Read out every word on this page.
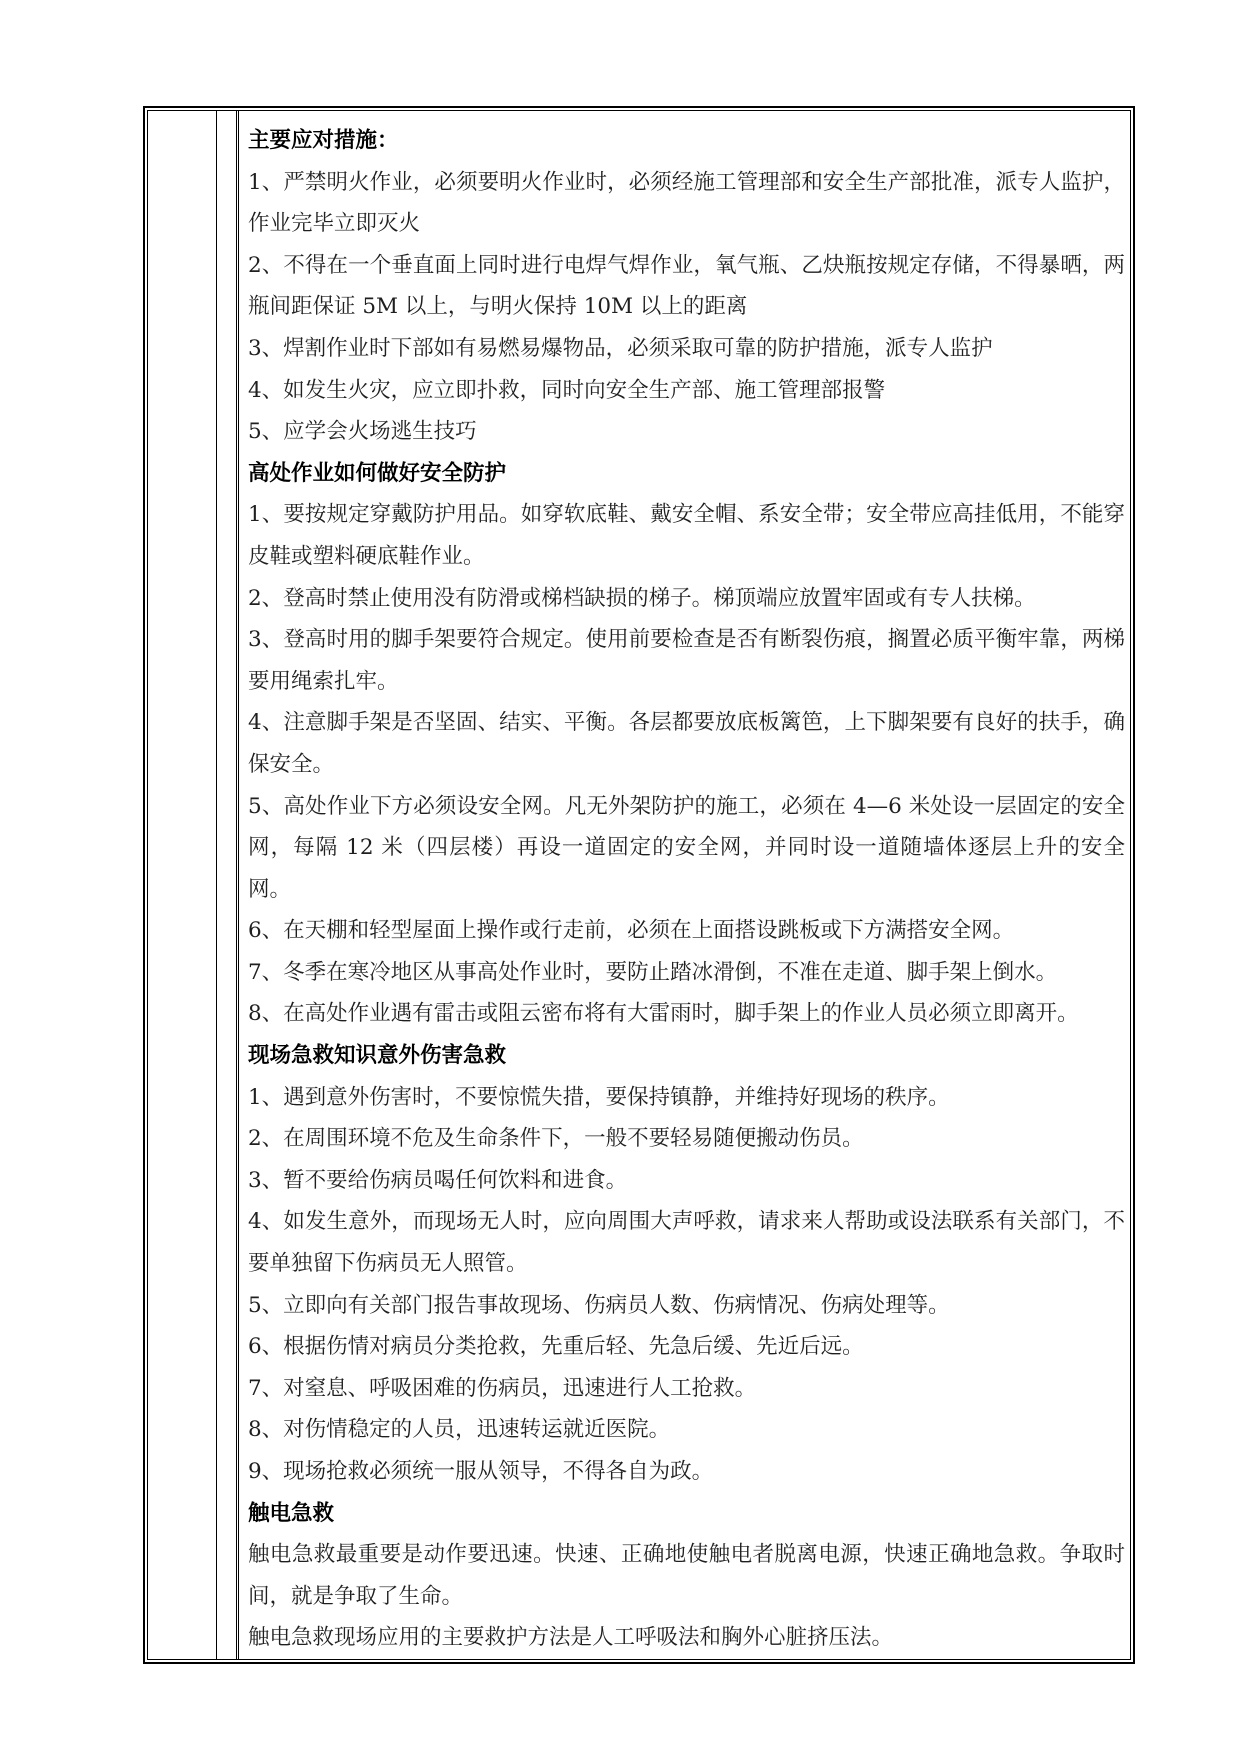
主要应对措施：

1、严禁明火作业，必须要明火作业时，必须经施工管理部和安全生产部批准，派专人监护，作业完毕立即灭火

2、不得在一个垂直面上同时进行电焊气焊作业，氧气瓶、乙炔瓶按规定存储，不得暴晒，两瓶间距保证 5M 以上，与明火保持 10M 以上的距离

3、焊割作业时下部如有易燃易爆物品，必须采取可靠的防护措施，派专人监护

4、如发生火灾，应立即扑救，同时向安全生产部、施工管理部报警

5、应学会火场逃生技巧

高处作业如何做好安全防护

1、要按规定穿戴防护用品。如穿软底鞋、戴安全帽、系安全带；安全带应高挂低用，不能穿皮鞋或塑料硬底鞋作业。

2、登高时禁止使用没有防滑或梯档缺损的梯子。梯顶端应放置牢固或有专人扶梯。

3、登高时用的脚手架要符合规定。使用前要检查是否有断裂伤痕，搁置必质平衡牢靠，两梯要用绳索扎牢。

4、注意脚手架是否坚固、结实、平衡。各层都要放底板篱笆，上下脚架要有良好的扶手，确保安全。

5、高处作业下方必须设安全网。凡无外架防护的施工，必须在 4—6 米处设一层固定的安全网，每隔 12 米（四层楼）再设一道固定的安全网，并同时设一道随墙体逐层上升的安全网。

6、在天棚和轻型屋面上操作或行走前，必须在上面搭设跳板或下方满搭安全网。

7、冬季在寒冷地区从事高处作业时，要防止踏冰滑倒，不准在走道、脚手架上倒水。

8、在高处作业遇有雷击或阻云密布将有大雷雨时，脚手架上的作业人员必须立即离开。

现场急救知识意外伤害急救

1、遇到意外伤害时，不要惊慌失措，要保持镇静，并维持好现场的秩序。

2、在周围环境不危及生命条件下，一般不要轻易随便搬动伤员。

3、暂不要给伤病员喝任何饮料和进食。

4、如发生意外，而现场无人时，应向周围大声呼救，请求来人帮助或设法联系有关部门，不要单独留下伤病员无人照管。

5、立即向有关部门报告事故现场、伤病员人数、伤病情况、伤病处理等。

6、根据伤情对病员分类抢救，先重后轻、先急后缓、先近后远。

7、对窒息、呼吸困难的伤病员，迅速进行人工抢救。

8、对伤情稳定的人员，迅速转运就近医院。

9、现场抢救必须统一服从领导，不得各自为政。

触电急救

触电急救最重要是动作要迅速。快速、正确地使触电者脱离电源，快速正确地急救。争取时间，就是争取了生命。

触电急救现场应用的主要救护方法是人工呼吸法和胸外心脏挤压法。
